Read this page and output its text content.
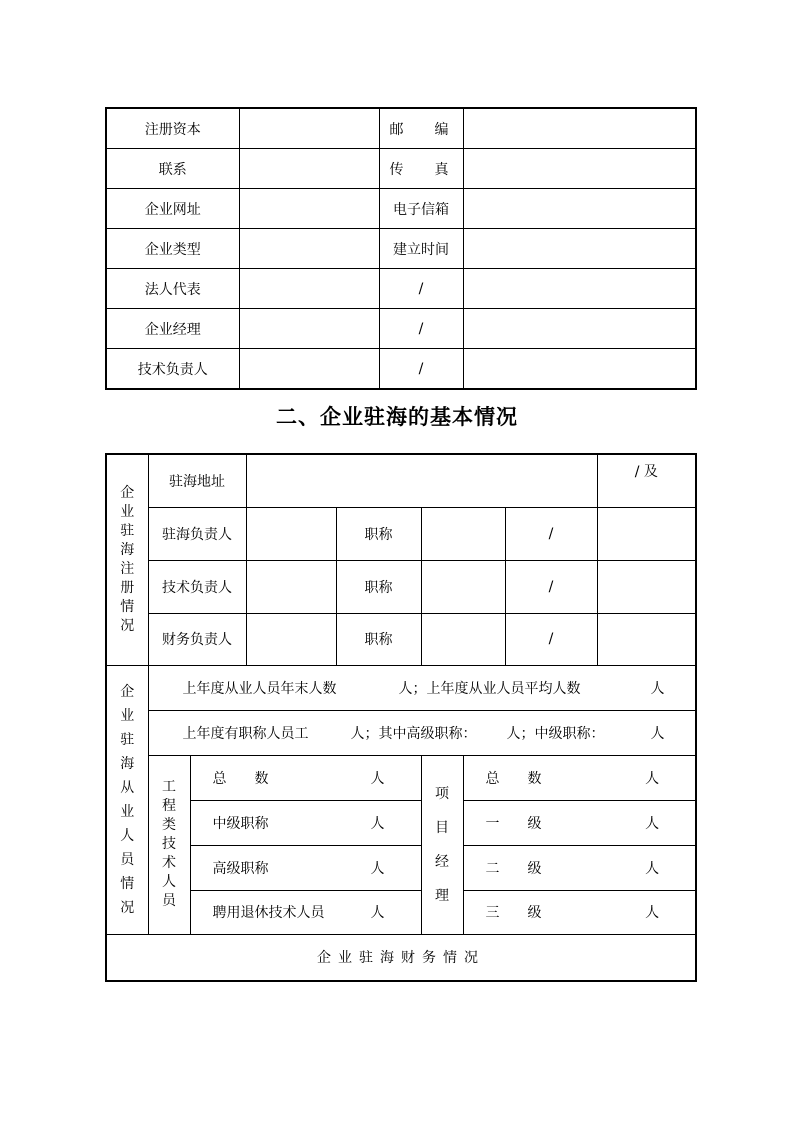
注册资本		邮 编	

联系		传 真	

企业网址		电子信箱	
企业类型		建立时间	
法人代表		/	
企业经理		/	
技术负责人		/	
二、企业驻海的基本情况
企业驻海注册情况	驻海地址							/ 及
	驻海负责人			职称			/	
	技术负责人			职称			/	
	财务负责人			职称			/	
企业驻海从业人员情况	上年度从业人员年末人数 人；上年度从业人员平均人数 人							

	上年度有职称人员工 人；其中高级职称： 人；中级职称： 人							

	工程类技术人员	总　　数 人			项目经理	总 数 人		

		中级职称 人				一 级 人		

		高级职称 人				二 级 人		

		聘用退休技术人员 人				三 级 人		

企业驻海财务情况								
